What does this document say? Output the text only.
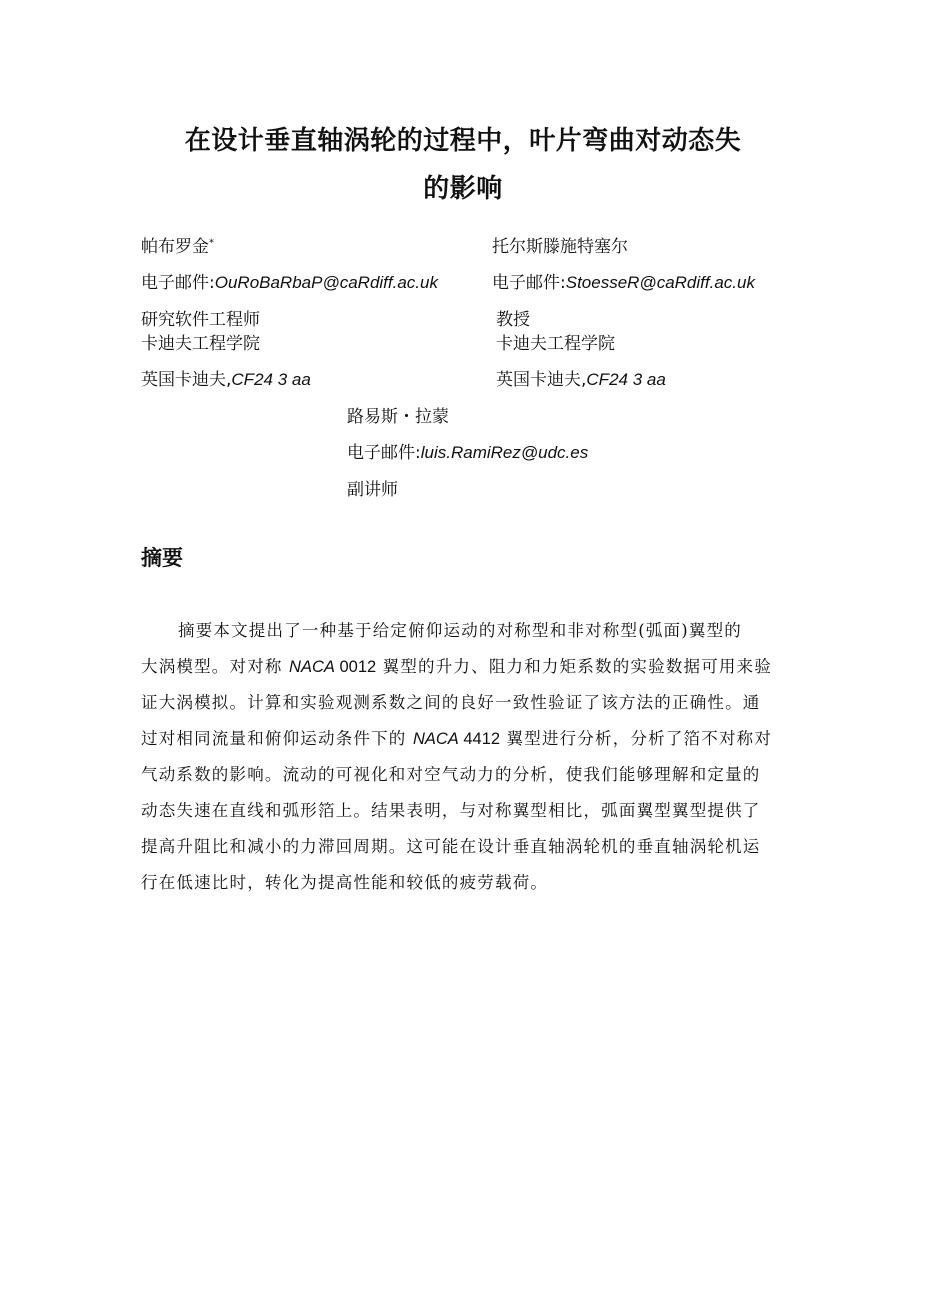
在设计垂直轴涡轮的过程中，叶片弯曲对动态失
的影响
帕布罗金*
电子邮件:OuRoBaRbaP@caRdiff.ac.uk
研究软件工程师
卡迪夫工程学院
英国卡迪夫,CF24 3 aa
托尔斯滕施特塞尔
电子邮件:StoesseR@caRdiff.ac.uk
教授
卡迪夫工程学院
英国卡迪夫,CF24 3 aa
路易斯・拉蒙
电子邮件:luis.RamiRez@udc.es
副讲师
摘要
摘要本文提出了一种基于给定俯仰运动的对称型和非对称型(弧面)翼型的
大涡模型。对对称 NACA 0012 翼型的升力、阻力和力矩系数的实验数据可用来验
证大涡模拟。计算和实验观测系数之间的良好一致性验证了该方法的正确性。通
过对相同流量和俯仰运动条件下的 NACA 4412 翼型进行分析，分析了箔不对称对
气动系数的影响。流动的可视化和对空气动力的分析，使我们能够理解和定量的
动态失速在直线和弧形箔上。结果表明，与对称翼型相比，弧面翼型翼型提供了
提高升阻比和减小的力滞回周期。这可能在设计垂直轴涡轮机的垂直轴涡轮机运
行在低速比时，转化为提高性能和较低的疲劳载荷。
